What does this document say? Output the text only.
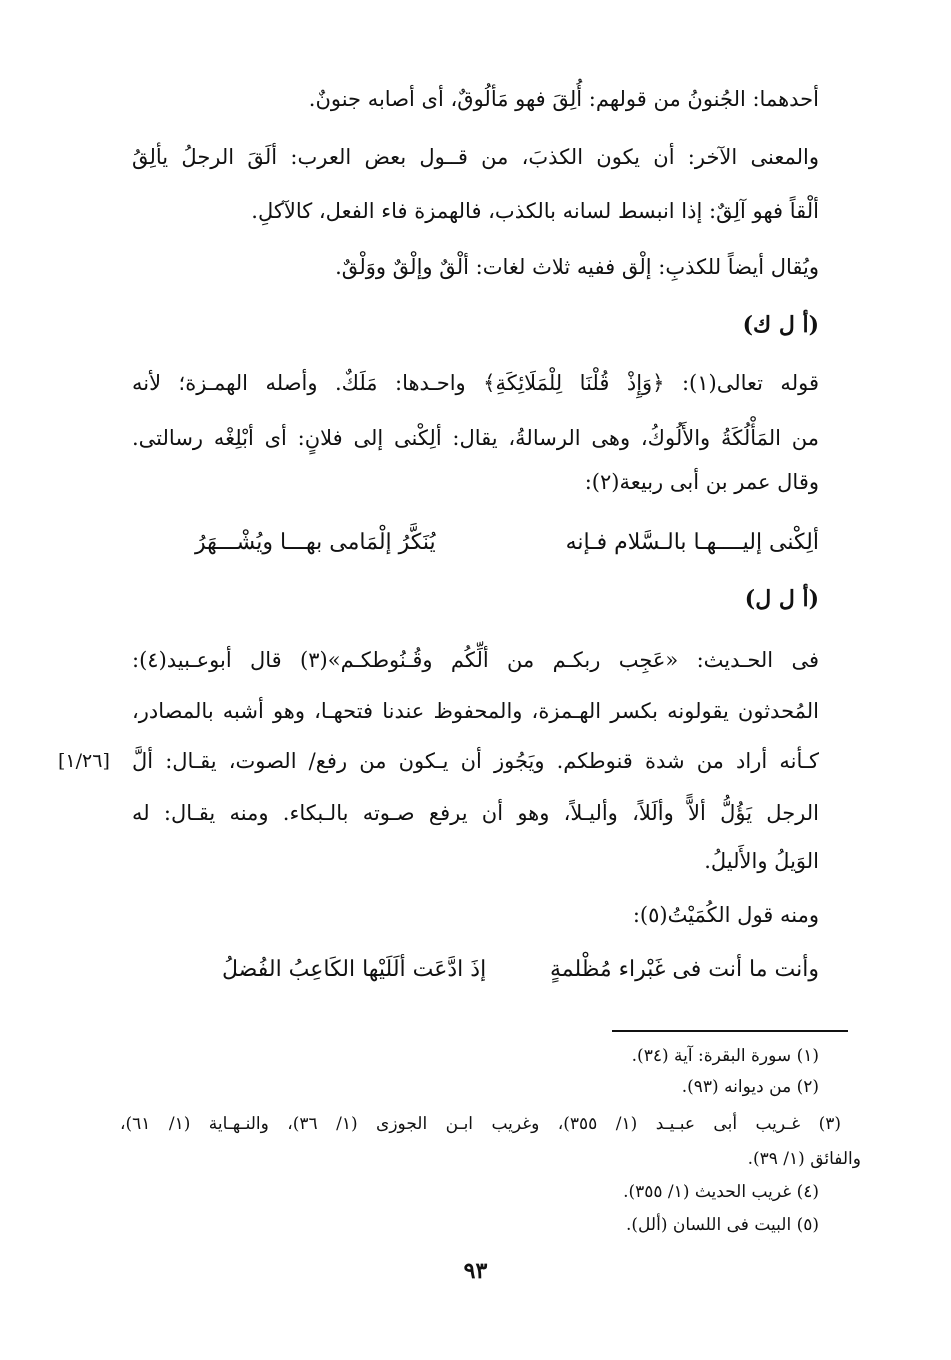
أحدهما: الجُنونُ من قولهم: أُلِقَ فهو مَألُوقٌ، أى أصابه جنونٌ.
والمعنى الآخر: أن يكون الكذبَ، من قــول بعض العرب: ألَقَ الرجلُ يألِقُ
ألْقاً فهو آلِقٌ: إذا انبسط لسانه بالكذب، فالهمزة فاء الفعل، كالآكلِ.
ويُقال أيضاً للكذبِ: إلْق ففيه ثلاث لغات: ألْقٌ وإلْقٌ ووَلْقٌ.
(أ ل ك)
قوله تعالى(١): ﴿وَإِذْ قُلْنَا لِلْمَلَائِكَةِ﴾ واحـدها: مَلَكٌ. وأصله الهمـزة؛ لأنه
من المَأْلُكَةُ والأَلُوكُ، وهى الرسالةُ، يقال: ألِكْنى إلى فلانٍ: أى أبْلِغْه رسالتى.
وقال عمر بن أبى ربيعة(٢):
ألِكْنى إليــــهـا بالـسَّلام فـإنه
يُنَكَّرُ إلْمَامى بهـــا ويُشْـــهَرُ
(أ ل ل)
فى الحـديث: «عَجِب ربكـم من ألِّكُم وقُـنُوطكـم»(٣) قال أبوعـبيد(٤):
المُحدثون يقولونه بكسر الهـمزة، والمحفوظ عندنا فتحهـا، وهو أشبه بالمصادر،
كـأنه أراد من شدة قنوطكم. ويَجُوز أن يـكون من رفع/ الصوت، يقـال: ألَّ
[١/٢٦]
الرجل يَؤُلُّ ألاًّ وألَلاً، وأليـلاً، وهو أن يرفع صـوته بالـبكاء. ومنه يقـال: له
الوَيلُ والأَليلُ.
ومنه قول الكُمَيْتُ(٥):
وأنت ما أنت فى غَبْراء مُظْلمةٍ
إذَ ادَّعَت ألَلَيْها الكَاعِبُ الفُضلُ
(١) سورة البقرة: آية (٣٤).
(٢) من ديوانه (٩٣).
(٣) غـريب أبى عبـيـد (١/ ٣٥٥)، وغريب ابـن الجوزى (١/ ٣٦)، والنـهـاية (١/ ٦١)،
والفائق (١/ ٣٩).
(٤) غريب الحديث (١/ ٣٥٥).
(٥) البيت فى اللسان (ألل).
٩٣
